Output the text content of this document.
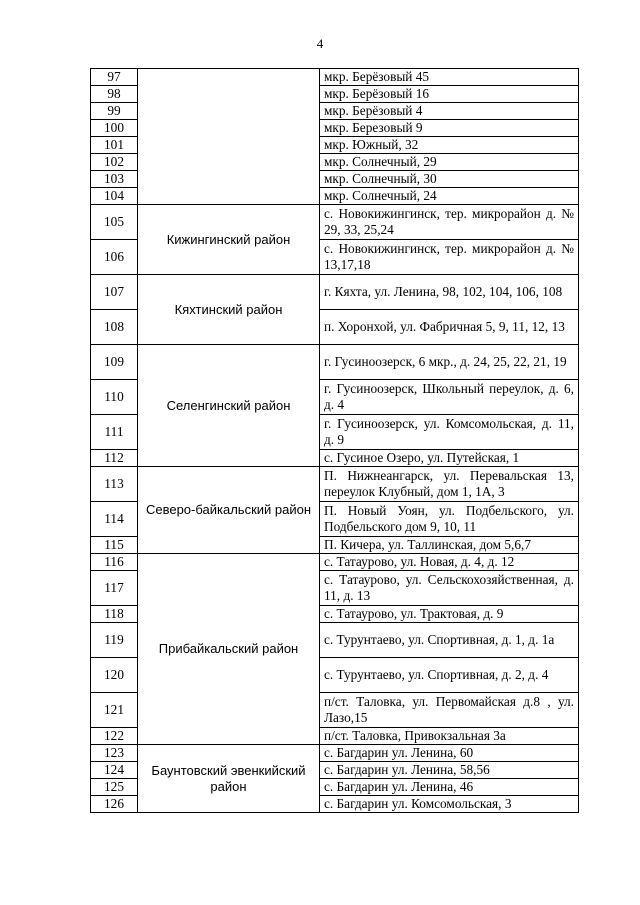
4
97		мкр. Берёзовый 45
98		мкр. Берёзовый 16
99		мкр. Берёзовый 4
100		мкр. Березовый 9
101		мкр. Южный, 32
102		мкр. Солнечный, 29
103		мкр. Солнечный, 30
104		мкр. Солнечный, 24
105	Кижингинский район	с. Новокижингинск, тер. микрорайон д. № 29, 33, 25,24
106		с. Новокижингинск, тер. микрорайон д. № 13,17,18
107	Кяхтинский район	г. Кяхта, ул. Ленина, 98, 102, 104, 106, 108
108		п. Хоронхой, ул. Фабричная 5, 9, 11, 12, 13
109	Селенгинский район	г. Гусиноозерск, 6 мкр., д. 24, 25, 22, 21, 19
110		г. Гусиноозерск, Школьный переулок, д. 6, д. 4
111		г. Гусиноозерск, ул. Комсомольская, д. 11, д. 9
112		с. Гусиное Озеро, ул. Путейская, 1
113	Северо-байкальский район	П. Нижнеангарск, ул. Перевальская 13, переулок Клубный, дом 1, 1А, 3
114		П. Новый Уоян, ул. Подбельского, ул. Подбельского дом 9, 10, 11
115		П. Кичера, ул. Таллинская, дом 5,6,7
116	Прибайкальский район	с. Татаурово, ул. Новая, д. 4, д. 12
117		с. Татаурово, ул. Сельскохозяйственная, д. 11, д. 13
118		с. Татаурово, ул. Трактовая, д. 9
119		с. Турунтаево, ул. Спортивная, д. 1, д. 1а
120		с. Турунтаево, ул. Спортивная, д. 2, д. 4
121		п/ст. Таловка, ул. Первомайская д.8 , ул. Лазо,15
122		п/ст. Таловка, Привокзальная 3а
123	Баунтовский эвенкийский район	с. Багдарин ул. Ленина, 60
124		с. Багдарин ул. Ленина, 58,56
125		с. Багдарин ул. Ленина, 46
126		с. Багдарин ул. Комсомольская, 3
